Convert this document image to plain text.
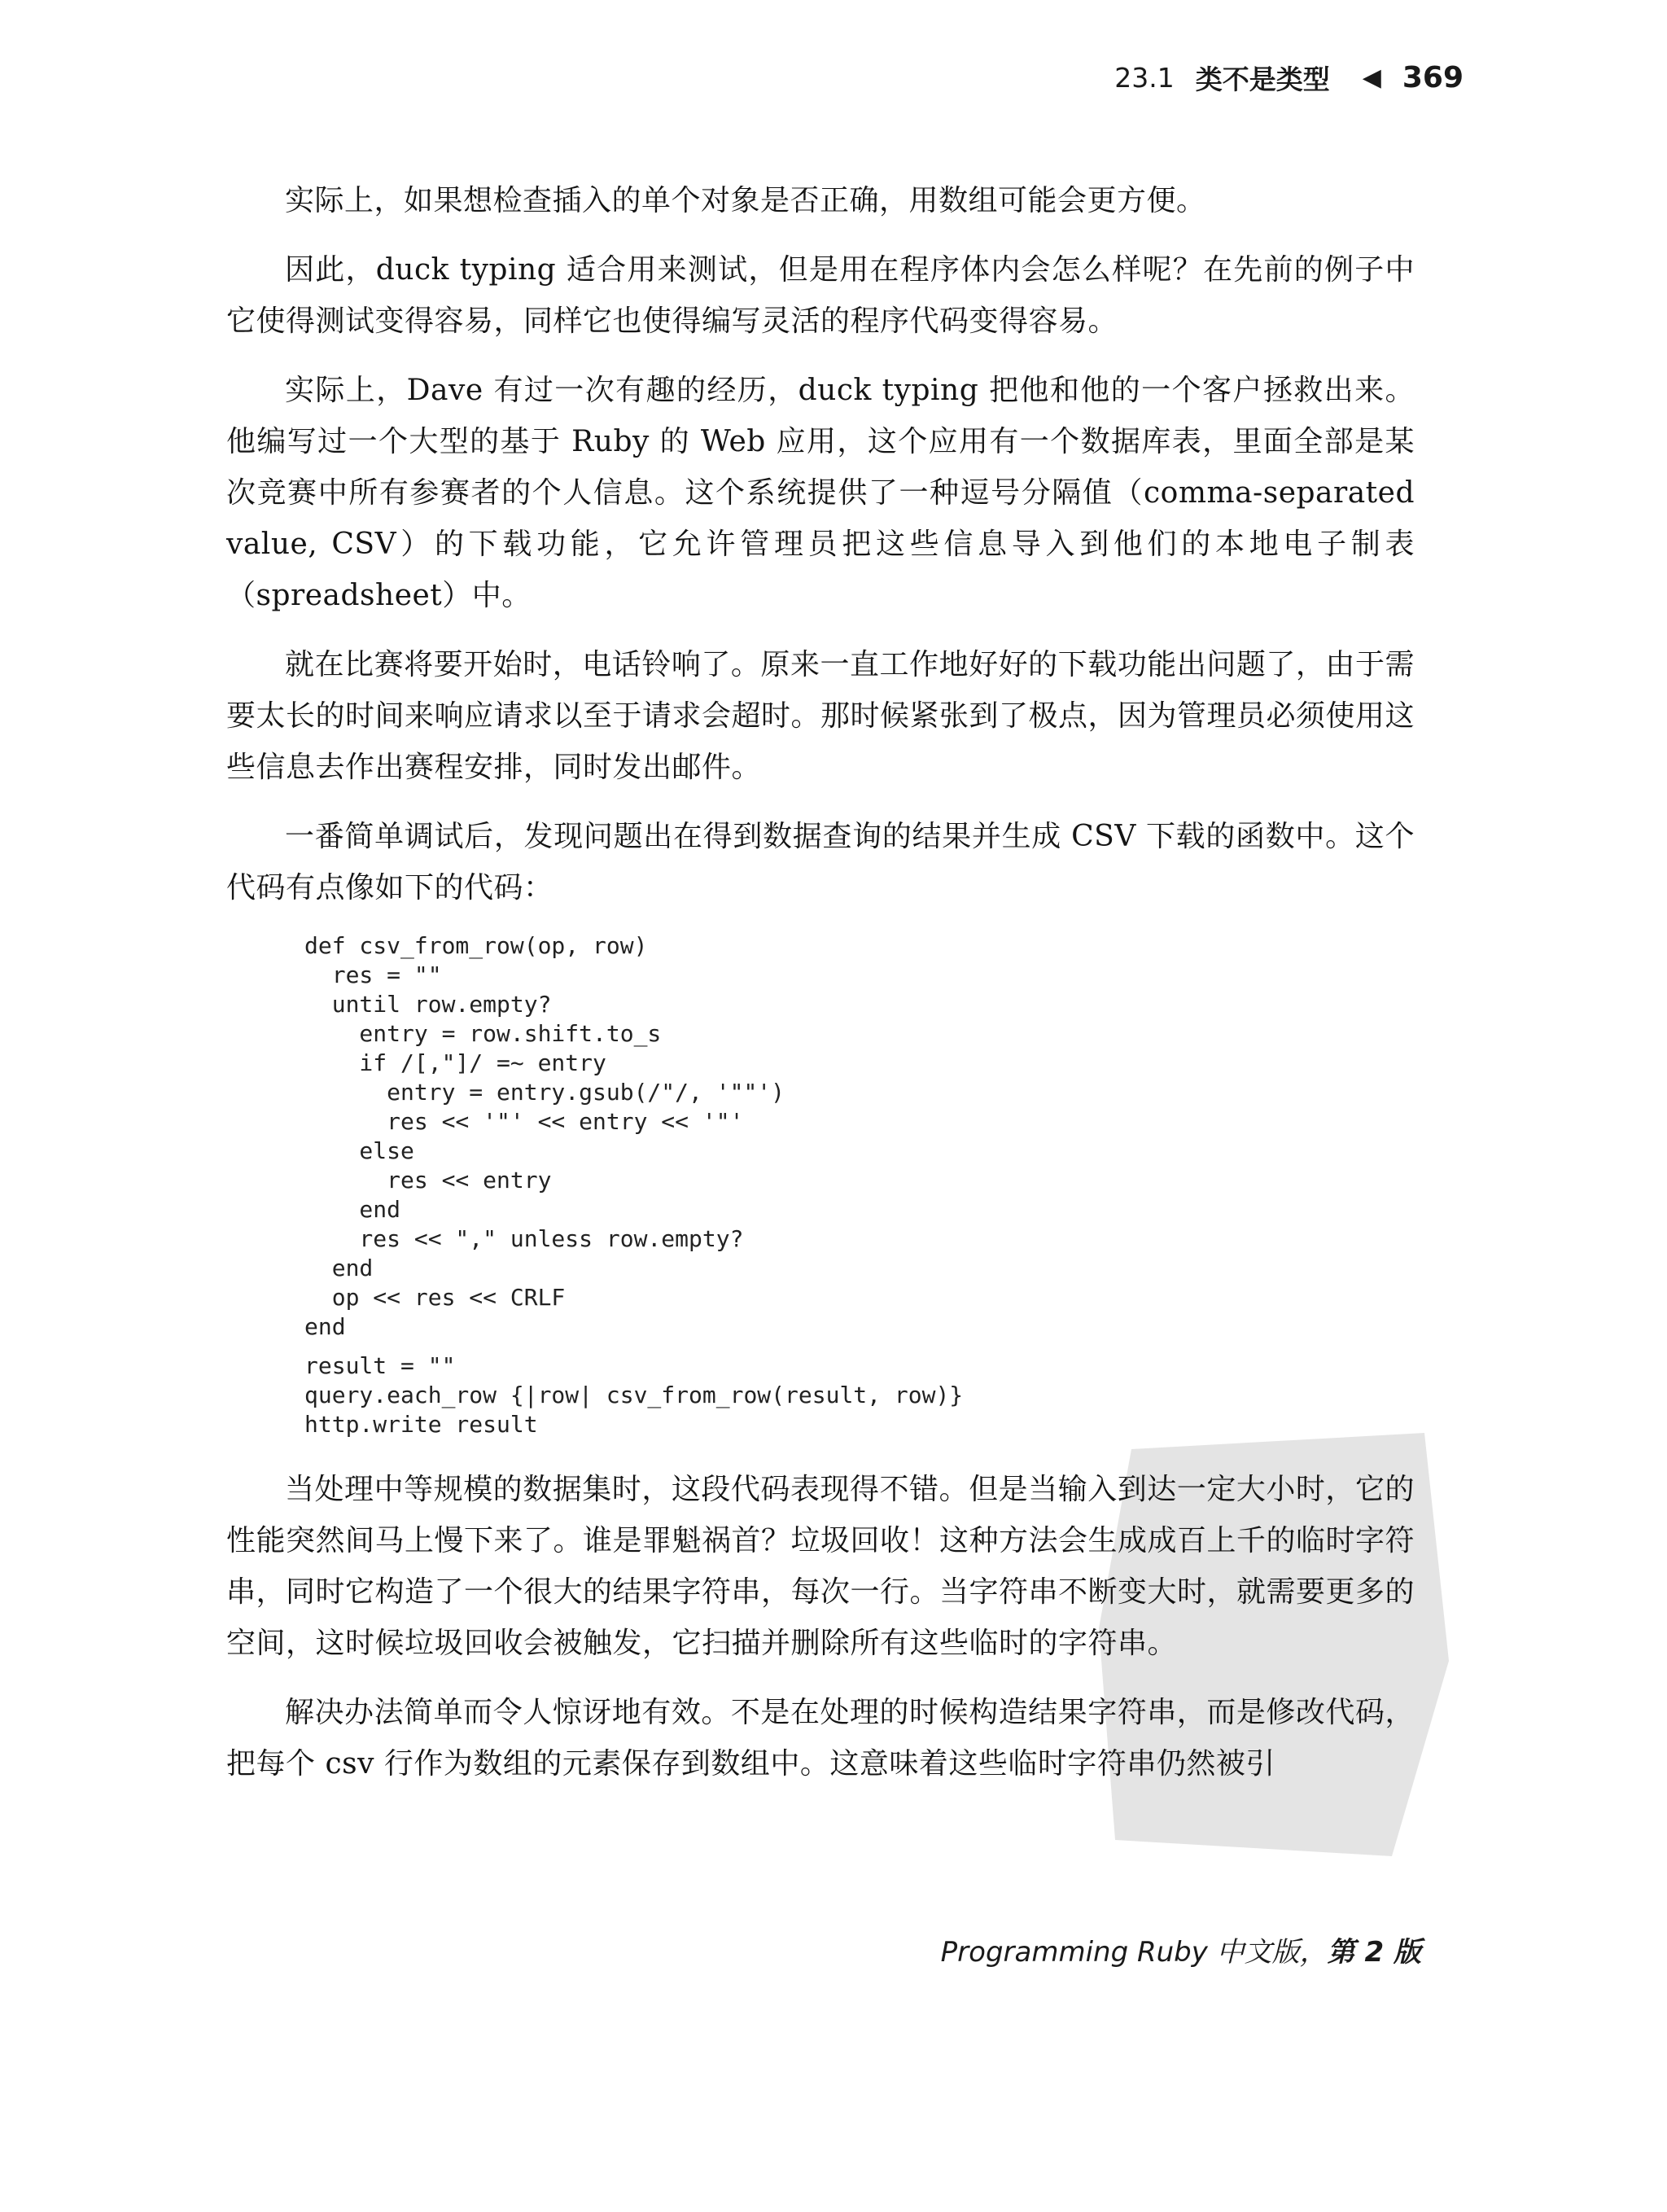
23.1 类不是类型 ◀ 369

实际上，如果想检查插入的单个对象是否正确，用数组可能会更方便。

因此，duck typing 适合用来测试，但是用在程序体内会怎么样呢？在先前的例子中它使得测试变得容易，同样它也使得编写灵活的程序代码变得容易。

实际上，Dave 有过一次有趣的经历，duck typing 把他和他的一个客户拯救出来。他编写过一个大型的基于 Ruby 的 Web 应用，这个应用有一个数据库表，里面全部是某次竞赛中所有参赛者的个人信息。这个系统提供了一种逗号分隔值（comma-separated value, CSV）的下载功能，它允许管理员把这些信息导入到他们的本地电子制表（spreadsheet）中。

就在比赛将要开始时，电话铃响了。原来一直工作地好好的下载功能出问题了，由于需要太长的时间来响应请求以至于请求会超时。那时候紧张到了极点，因为管理员必须使用这些信息去作出赛程安排，同时发出邮件。

一番简单调试后，发现问题出在得到数据查询的结果并生成 CSV 下载的函数中。这个代码有点像如下的代码：

def csv_from_row(op, row)
res = ""
until row.empty?
entry = row.shift.to_s
if /[,"]/ =~ entry
entry = entry.gsub(/"/, '""')
res << '"' << entry << '"'
else
res << entry
end
res << "," unless row.empty?
end
op << res << CRLF
end
result = ""
query.each_row {|row| csv_from_row(result, row)}
http.write result

当处理中等规模的数据集时，这段代码表现得不错。但是当输入到达一定大小时，它的性能突然间马上慢下来了。谁是罪魁祸首？垃圾回收！这种方法会生成成百上千的临时字符串，同时它构造了一个很大的结果字符串，每次一行。当字符串不断变大时，就需要更多的空间，这时候垃圾回收会被触发，它扫描并删除所有这些临时的字符串。

解决办法简单而令人惊讶地有效。不是在处理的时候构造结果字符串，而是修改代码，把每个 csv 行作为数组的元素保存到数组中。这意味着这些临时字符串仍然被引

Programming Ruby 中文版，第 2 版
